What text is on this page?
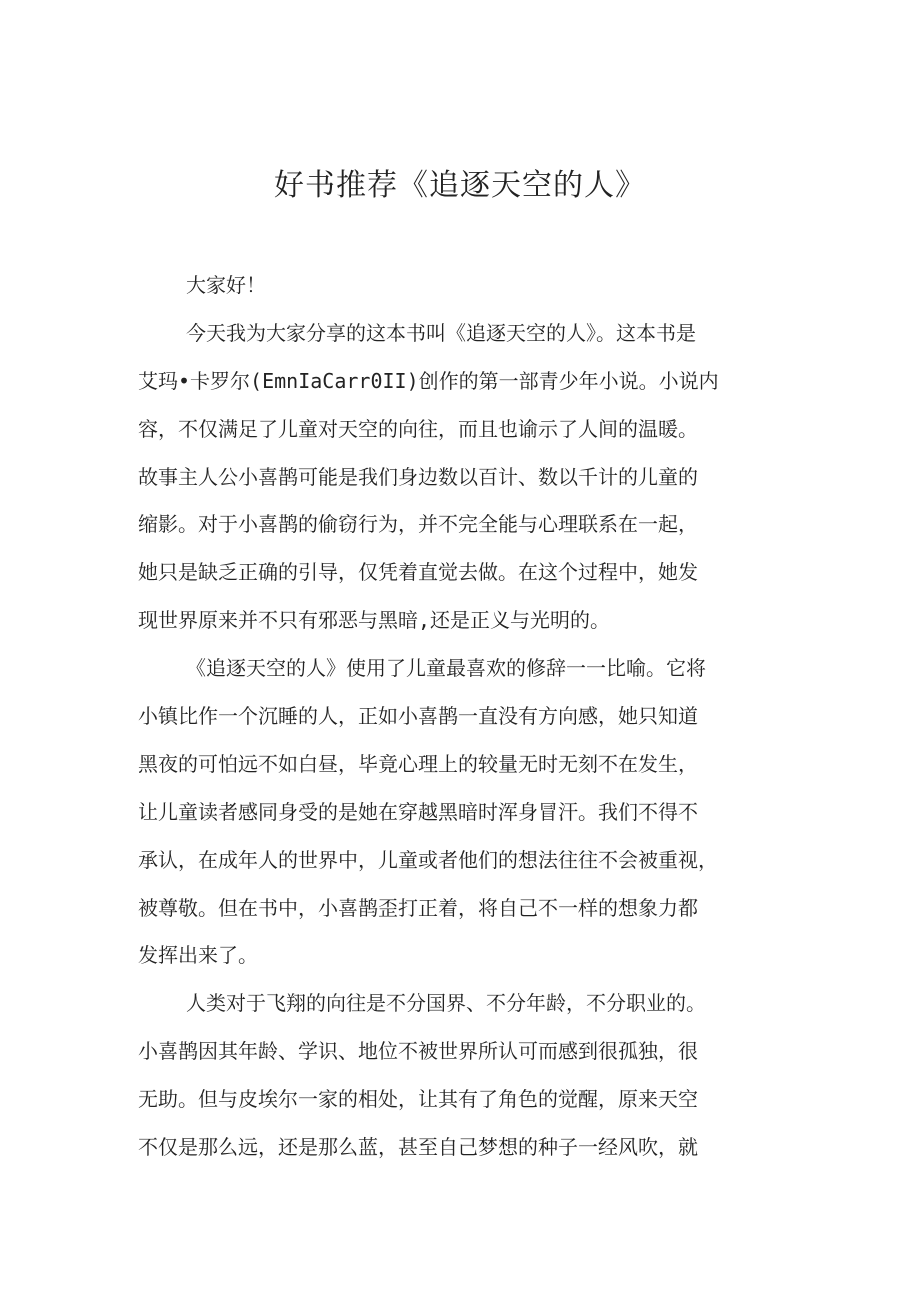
好书推荐《追逐天空的人》
大家好！
今天我为大家分享的这本书叫《追逐天空的人》。这本书是
艾玛•卡罗尔(EmnIaCarr0II)创作的第一部青少年小说。小说内
容，不仅满足了儿童对天空的向往，而且也谕示了人间的温暖。
故事主人公小喜鹊可能是我们身边数以百计、数以千计的儿童的
缩影。对于小喜鹊的偷窃行为，并不完全能与心理联系在一起，
她只是缺乏正确的引导，仅凭着直觉去做。在这个过程中，她发
现世界原来并不只有邪恶与黑暗,还是正义与光明的。
《追逐天空的人》使用了儿童最喜欢的修辞一一比喻。它将
小镇比作一个沉睡的人，正如小喜鹊一直没有方向感，她只知道
黑夜的可怕远不如白昼，毕竟心理上的较量无时无刻不在发生，
让儿童读者感同身受的是她在穿越黑暗时浑身冒汗。我们不得不
承认，在成年人的世界中，儿童或者他们的想法往往不会被重视，
被尊敬。但在书中，小喜鹊歪打正着，将自己不一样的想象力都
发挥出来了。
人类对于飞翔的向往是不分国界、不分年龄，不分职业的。
小喜鹊因其年龄、学识、地位不被世界所认可而感到很孤独，很
无助。但与皮埃尔一家的相处，让其有了角色的觉醒，原来天空
不仅是那么远，还是那么蓝，甚至自己梦想的种子一经风吹，就
